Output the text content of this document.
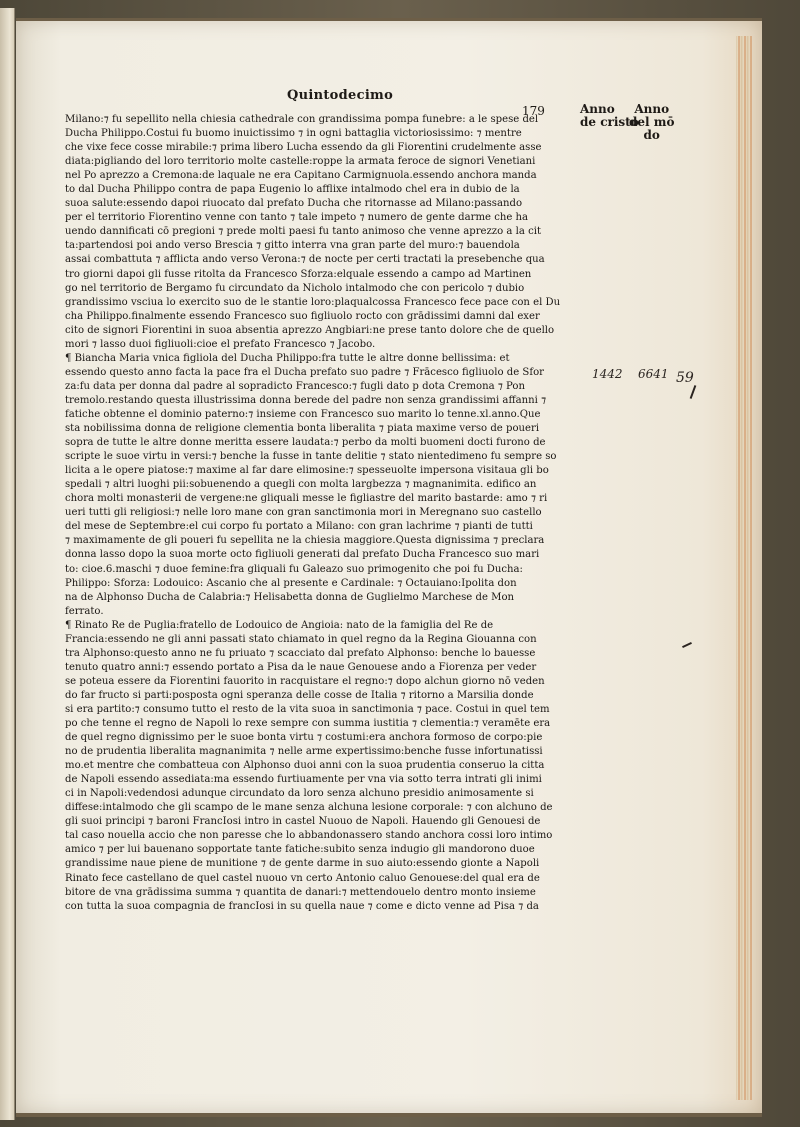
Quintodecimo
179	Anno
de cristo
Anno
del mō
do

Milano:⁊ fu sepellito nella chiesia cathedrale con grandissima pompa funebre: a le spese del
Ducha Philippo.Costui fu buomo inuictissimo ⁊ in ogni battaglia victoriosissimo: ⁊ mentre
che vixe fece cosse mirabile:⁊ prima libero Lucha essendo da gli Fiorentini crudelmente asse
diata:pigliando del loro territorio molte castelle:roppe la armata feroce de signori Venetiani
nel Po aprezzo a Cremona:de laquale ne era Capitano Carmignuola.essendo anchora manda
to dal Ducha Philippo contra de papa Eugenio lo afflixe intalmodo chel era in dubio de la
suoa salute:essendo dapoi riuocato dal prefato Ducha che ritornasse ad Milano:passando
per el territorio Fiorentino venne con tanto ⁊ tale impeto ⁊ numero de gente darme che ha
uendo dannificati cō pregioni ⁊ prede molti paesi fu tanto animoso che venne aprezzo a la cit
ta:partendosi poi ando verso Brescia ⁊ gitto interra vna gran parte del muro:⁊ bauendola
assai combattuta ⁊ afflicta ando verso Verona:⁊ de nocte per certi tractati la presebenche qua
tro giorni dapoi gli fusse ritolta da Francesco Sforza:elquale essendo a campo ad Martinen
go nel territorio de Bergamo fu circundato da Nicholo intalmodo che con pericolo ⁊ dubio
grandissimo vsciua lo exercito suo de le stantie loro:plaqualcossa Francesco fece pace con el Du
cha Philippo.finalmente essendo Francesco suo figliuolo rocto con grādissimi damni dal exer
cito de signori Fiorentini in suoa absentia aprezzo Angbiari:ne prese tanto dolore che de quello
mori ⁊ lasso duoi figliuoli:cioe el prefato Francesco ⁊ Jacobo.

¶ Biancha Maria vnica figliola del Ducha Philippo:fra tutte le altre donne bellissima: et
essendo questo anno facta la pace fra el Ducha prefato suo padre ⁊ Frācesco figliuolo de Sfor
za:fu data per donna dal padre al sopradicto Francesco:⁊ fugli dato p dota Cremona ⁊ Pon
tremolo.restando questa illustrissima donna berede del padre non senza grandissimi affanni ⁊
fatiche obtenne el dominio paterno:⁊ insieme con Francesco suo marito lo tenne.xl.anno.Que
sta nobilissima donna de religione clementia bonta liberalita ⁊ piata maxime verso de poueri
sopra de tutte le altre donne meritta essere laudata:⁊ perbo da molti buomeni docti furono de
scripte le suoe virtu in versi:⁊ benche la fusse in tante delitie ⁊ stato nientedimeno fu sempre so
licita a le opere piatose:⁊ maxime al far dare elimosine:⁊ spesseuolte impersona visitaua gli bo
spedali ⁊ altri luoghi pii:sobuenendo a quegli con molta largbezza ⁊ magnanimita. edifico an
chora molti monasterii de vergene:ne gliquali messe le figliastre del marito bastarde: amo ⁊ ri
ueri tutti gli religiosi:⁊ nelle loro mane con gran sanctimonia mori in Meregnano suo castello
del mese de Septembre:el cui corpo fu portato a Milano: con gran lachrime ⁊ pianti de tutti
⁊ maximamente de gli poueri fu sepellita ne la chiesia maggiore.Questa dignissima ⁊ preclara
donna lasso dopo la suoa morte octo figliuoli generati dal prefato Ducha Francesco suo mari
to: cioe.6.maschi ⁊ duoe femine:fra gliquali fu Galeazo suo primogenito che poi fu Ducha:
Philippo: Sforza: Lodouico: Ascanio che al presente e Cardinale: ⁊ Octauiano:Ipolita don
na de Alphonso Ducha de Calabria:⁊ Helisabetta donna de Guglielmo Marchese de Mon
ferrato.

¶ Rinato Re de Puglia:fratello de Lodouico de Angioia: nato de la famiglia del Re de
Francia:essendo ne gli anni passati stato chiamato in quel regno da la Regina Giouanna con
tra Alphonso:questo anno ne fu priuato ⁊ scacciato dal prefato Alphonso: benche lo bauesse
tenuto quatro anni:⁊ essendo portato a Pisa da le naue Genouese ando a Fiorenza per veder
se poteua essere da Fiorentini fauorito in racquistare el regno:⁊ dopo alchun giorno nō veden
do far fructo si parti:posposta ogni speranza delle cosse de Italia ⁊ ritorno a Marsilia donde
si era partito:⁊ consumo tutto el resto de la vita suoa in sanctimonia ⁊ pace. Costui in quel tem
po che tenne el regno de Napoli lo rexe sempre con summa iustitia ⁊ clementia:⁊ veramēte era
de quel regno dignissimo per le suoe bonta virtu ⁊ costumi:era anchora formoso de corpo:pie
no de prudentia liberalita magnanimita ⁊ nelle arme expertissimo:benche fusse infortunatissi
mo.et mentre che combatteua con Alphonso duoi anni con la suoa prudentia conseruo la citta
de Napoli essendo assediata:ma essendo furtiuamente per vna via sotto terra intrati gli inimi
ci in Napoli:vedendosi adunque circundato da loro senza alchuno presidio animosamente si
diffese:intalmodo che gli scampo de le mane senza alchuna lesione corporale: ⁊ con alchuno de
gli suoi principi ⁊ baroni FrancIosi intro in castel Nuouo de Napoli. Hauendo gli Genouesi de
tal caso nouella accio che non paresse che lo abbandonassero stando anchora cossi loro intimo
amico ⁊ per lui bauenano sopportate tante fatiche:subito senza indugio gli mandorono duoe
grandissime naue piene de munitione ⁊ de gente darme in suo aiuto:essendo gionte a Napoli
Rinato fece castellano de quel castel nuouo vn certo Antonio caluo Genouese:del qual era de
bitore de vna grādissima summa ⁊ quantita de danari:⁊ mettendouelo dentro monto insieme
con tutta la suoa compagnia de francIosi in su quella naue ⁊ come e dicto venne ad Pisa ⁊ da

1442 6641 59
